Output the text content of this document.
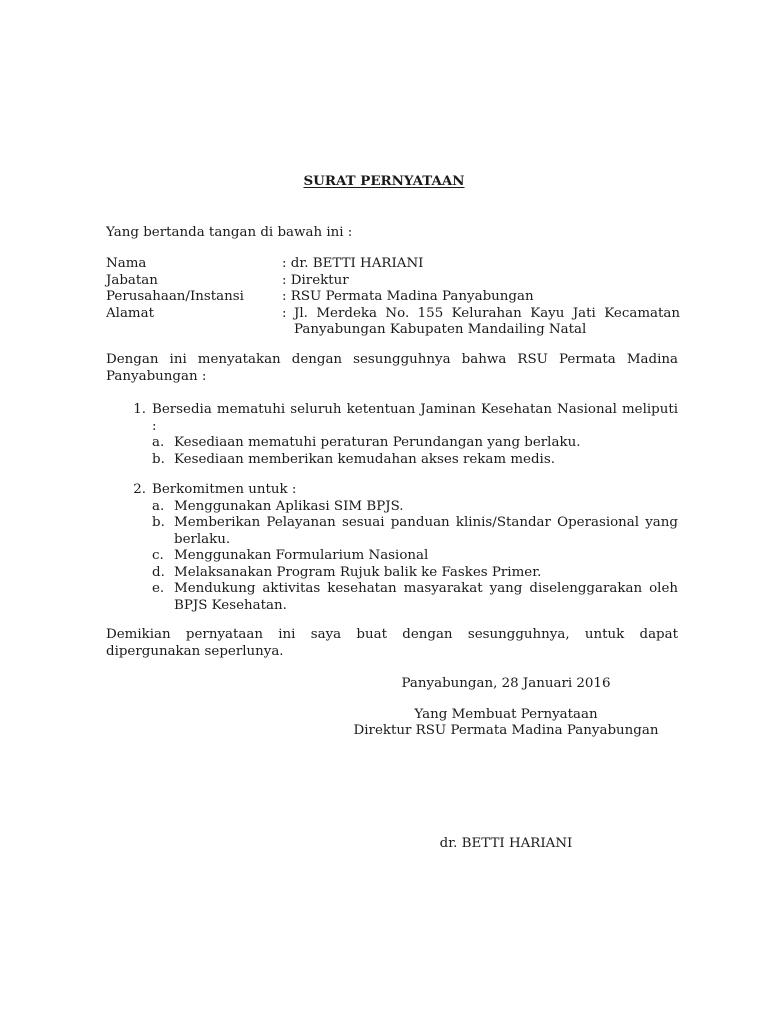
SURAT PERNYATAAN
Yang bertanda tangan di bawah ini :
Nama	: dr. BETTI HARIANI
Jabatan	: Direktur
Perusahaan/Instansi	: RSU Permata Madina Panyabungan
Alamat	: Jl. Merdeka No. 155 Kelurahan Kayu Jati Kecamatan Panyabungan Kabupaten Mandailing Natal
Dengan ini menyatakan dengan sesungguhnya bahwa RSU Permata Madina Panyabungan :
1. Bersedia mematuhi seluruh ketentuan Jaminan Kesehatan Nasional meliputi :
a. Kesediaan mematuhi peraturan Perundangan yang berlaku.
b. Kesediaan memberikan kemudahan akses rekam medis.
2. Berkomitmen untuk :
a. Menggunakan Aplikasi SIM BPJS.
b. Memberikan Pelayanan sesuai panduan klinis/Standar Operasional yang berlaku.
c. Menggunakan Formularium Nasional
d. Melaksanakan Program Rujuk balik ke Faskes Primer.
e. Mendukung aktivitas kesehatan masyarakat yang diselenggarakan oleh BPJS Kesehatan.
Demikian pernyataan ini saya buat dengan sesungguhnya, untuk dapat dipergunakan seperlunya.
Panyabungan, 28 Januari 2016
Yang Membuat Pernyataan
Direktur RSU Permata Madina Panyabungan
dr. BETTI HARIANI
